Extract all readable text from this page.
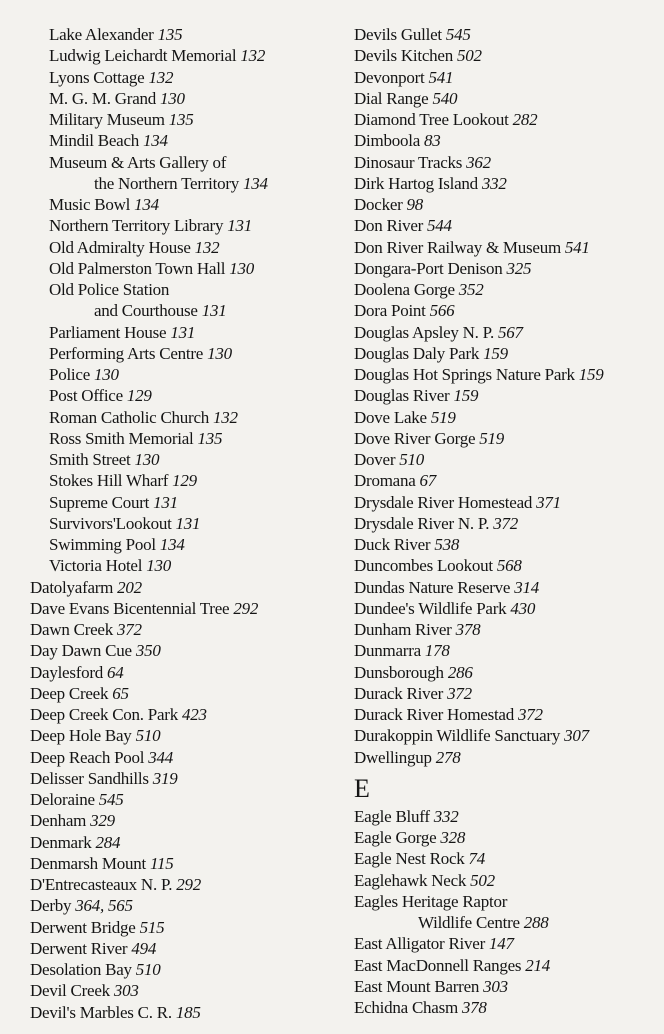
Lake Alexander 135
Ludwig Leichardt Memorial 132
Lyons Cottage 132
M. G. M. Grand 130
Military Museum 135
Mindil Beach 134
Museum & Arts Gallery of
the Northern Territory 134
Music Bowl 134
Northern Territory Library 131
Old Admiralty House 132
Old Palmerston Town Hall 130
Old Police Station
and Courthouse 131
Parliament House 131
Performing Arts Centre 130
Police 130
Post Office 129
Roman Catholic Church 132
Ross Smith Memorial 135
Smith Street 130
Stokes Hill Wharf 129
Supreme Court 131
Survivors'Lookout 131
Swimming Pool 134
Victoria Hotel 130
Datolyafarm 202
Dave Evans Bicentennial Tree 292
Dawn Creek 372
Day Dawn Cue 350
Daylesford 64
Deep Creek 65
Deep Creek Con. Park 423
Deep Hole Bay 510
Deep Reach Pool 344
Delisser Sandhills 319
Deloraine 545
Denham 329
Denmark 284
Denmarsh Mount 115
D'Entrecasteaux N. P. 292
Derby 364, 565
Derwent Bridge 515
Derwent River 494
Desolation Bay 510
Devil Creek 303
Devil's Marbles C. R. 185
Devils Gullet 545
Devils Kitchen 502
Devonport 541
Dial Range 540
Diamond Tree Lookout 282
Dimboola 83
Dinosaur Tracks 362
Dirk Hartog Island 332
Docker 98
Don River 544
Don River Railway & Museum 541
Dongara-Port Denison 325
Doolena Gorge 352
Dora Point 566
Douglas Apsley N. P. 567
Douglas Daly Park 159
Douglas Hot Springs Nature Park 159
Douglas River 159
Dove Lake 519
Dove River Gorge 519
Dover 510
Dromana 67
Drysdale River Homestead 371
Drysdale River N. P. 372
Duck River 538
Duncombes Lookout 568
Dundas Nature Reserve 314
Dundee's Wildlife Park 430
Dunham River 378
Dunmarra 178
Dunsborough 286
Durack River 372
Durack River Homestad 372
Durakoppin Wildlife Sanctuary 307
Dwellingup 278
E
Eagle Bluff 332
Eagle Gorge 328
Eagle Nest Rock 74
Eaglehawk Neck 502
Eagles Heritage Raptor
Wildlife Centre 288
East Alligator River 147
East MacDonnell Ranges 214
East Mount Barren 303
Echidna Chasm 378
